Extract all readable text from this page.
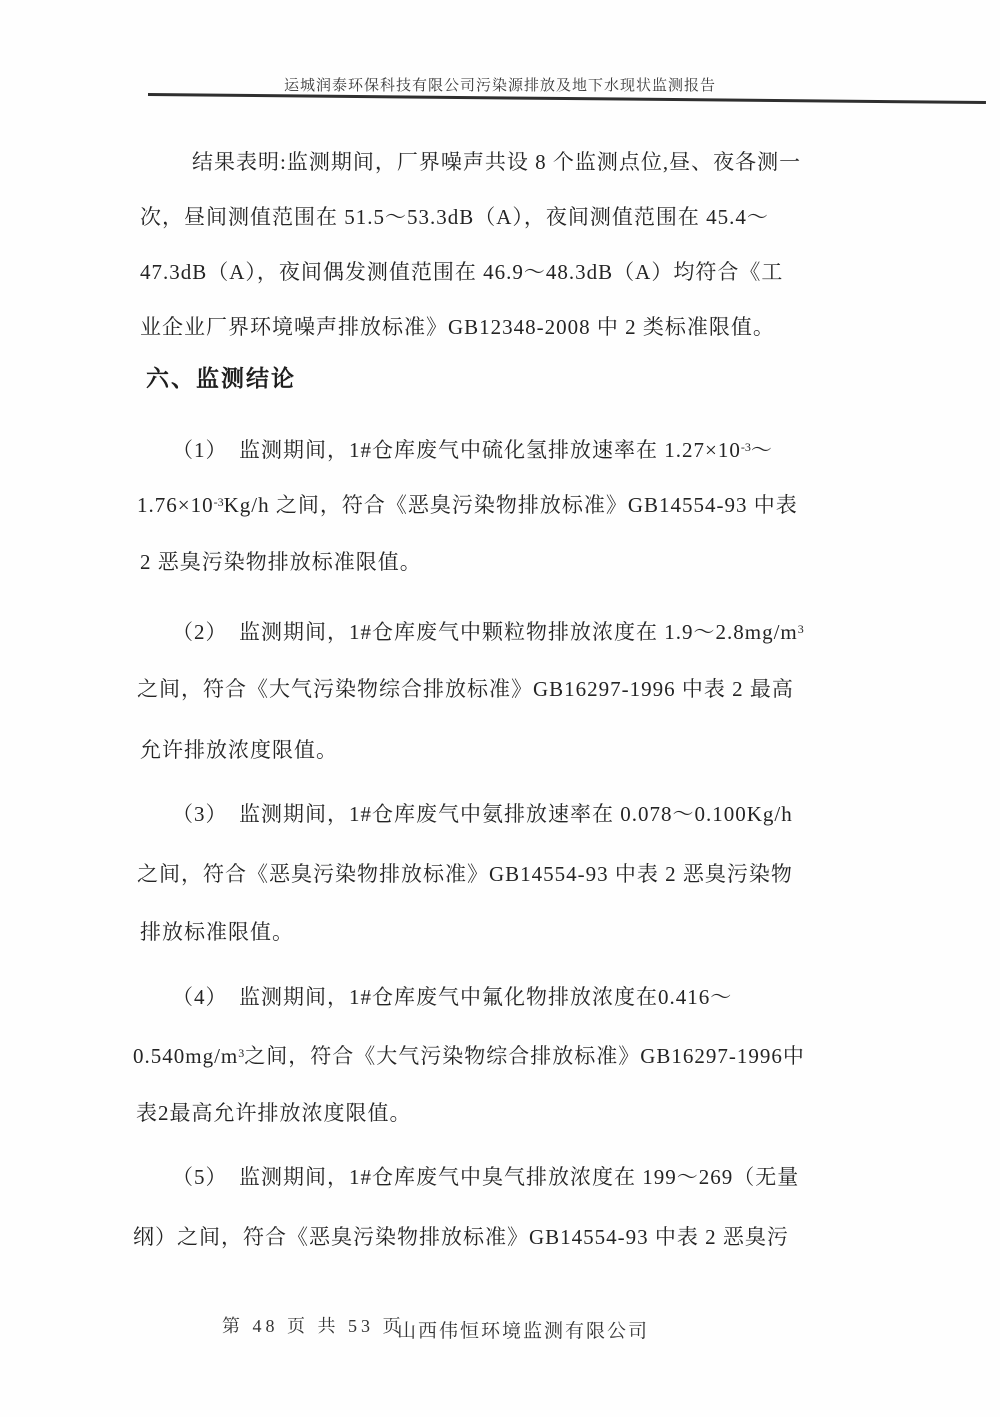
运城润泰环保科技有限公司污染源排放及地下水现状监测报告
结果表明:监测期间，厂界噪声共设 8 个监测点位,昼、夜各测一
次，昼间测值范围在 51.5～53.3dB（A），夜间测值范围在 45.4～
47.3dB（A），夜间偶发测值范围在 46.9～48.3dB（A）均符合《工
业企业厂界环境噪声排放标准》GB12348-2008 中 2 类标准限值。
六、监测结论
（1）　监测期间，1#仓库废气中硫化氢排放速率在 $1.27\times 10^{-3}\sim$
$1.76\times 10^{-3}Kg/h$ 之间，符合《恶臭污染物排放标准》GB14554-93 中表
2 恶臭污染物排放标准限值。
（2）　监测期间，1#仓库废气中颗粒物排放浓度在 $1.9\sim 2.8mg/m^3$
之间，符合《大气污染物综合排放标准》GB16297-1996 中表 2 最高
允许排放浓度限值。
（3）　监测期间，1#仓库废气中氨排放速率在 0.078～0.100Kg/h
之间，符合《恶臭污染物排放标准》GB14554-93 中表 2 恶臭污染物
排放标准限值。
（4）　监测期间，1#仓库废气中氟化物排放浓度在0.416～
$0.540mg/m^3$之间，符合《大气污染物综合排放标准》GB16297-1996中
表2最高允许排放浓度限值。
（5）　监测期间，1#仓库废气中臭气排放浓度在 199～269（无量
纲）之间，符合《恶臭污染物排放标准》GB14554-93 中表 2 恶臭污
第 48 页 共 53 页
山西伟恒环境监测有限公司
